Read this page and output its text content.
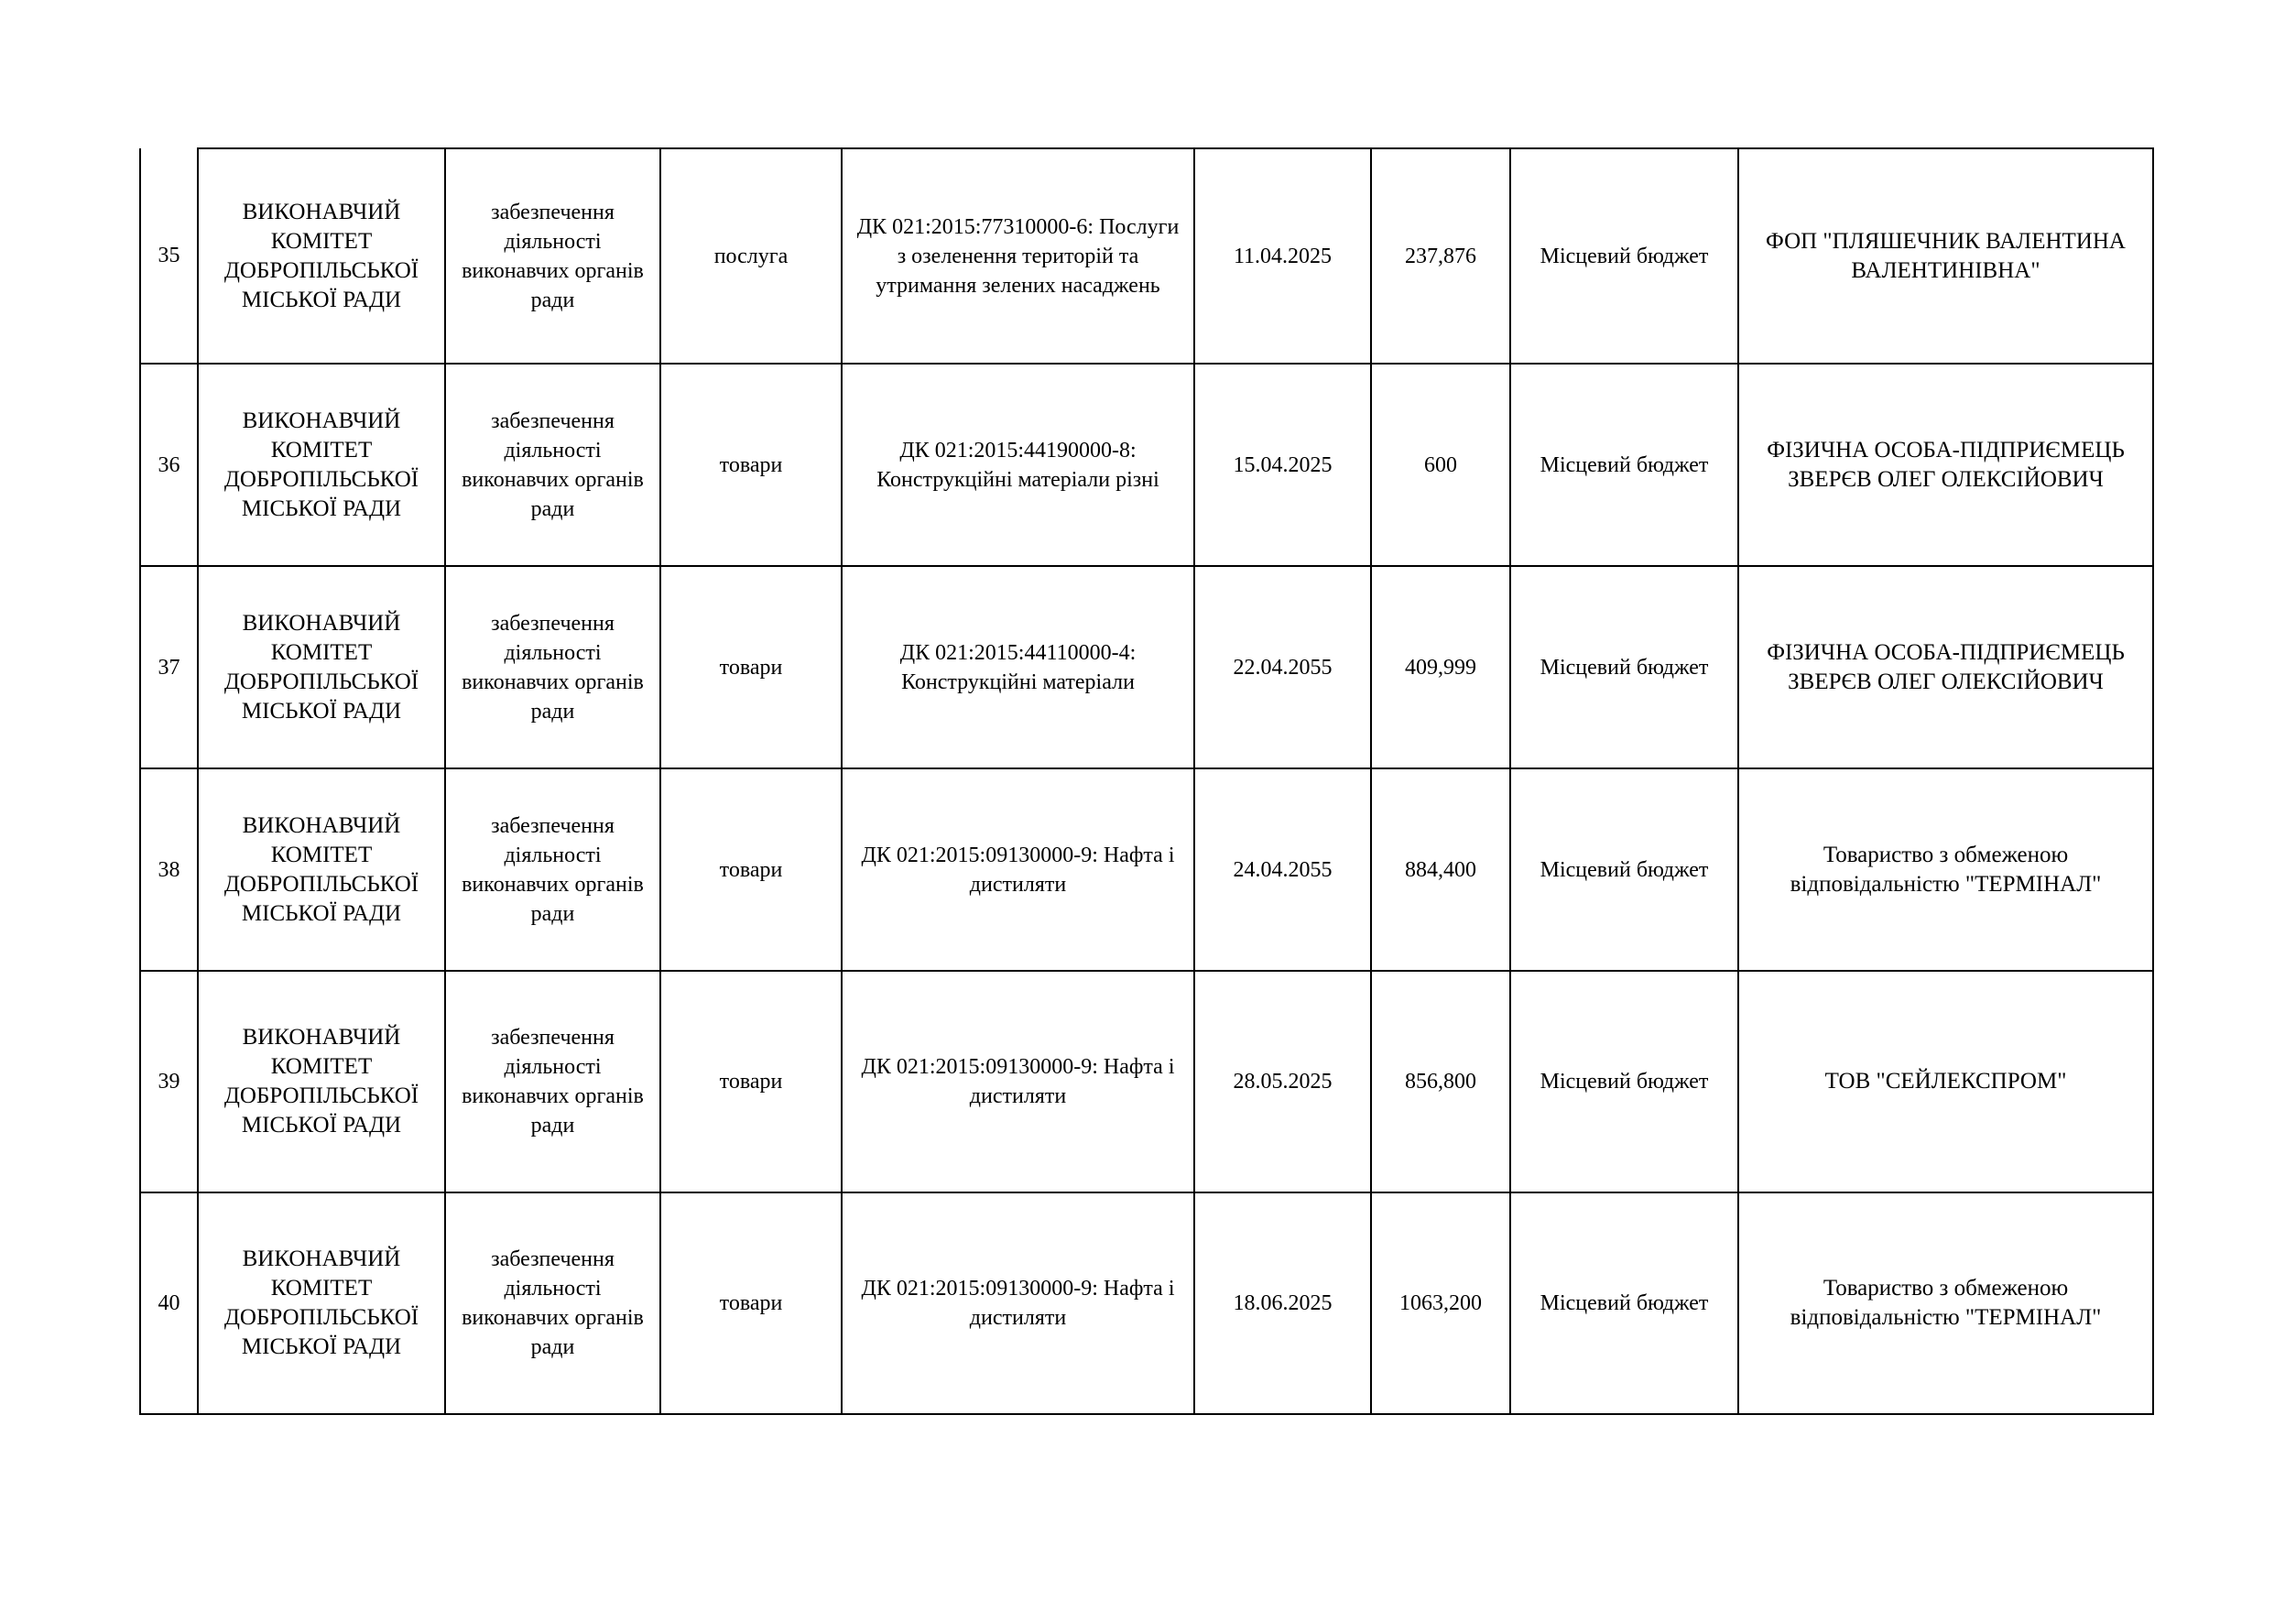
35	ВИКОНАВЧИЙ КОМІТЕТ ДОБРОПІЛЬСЬКОЇ МІСЬКОЇ РАДИ	забезпечення діяльності виконавчих органів ради	послуга	ДК 021:2015:77310000-6: Послуги з озеленення територій та утримання зелених насаджень	11.04.2025	237,876	Місцевий бюджет	ФОП "ПЛЯШЕЧНИК ВАЛЕНТИНА ВАЛЕНТИНІВНА"
36	ВИКОНАВЧИЙ КОМІТЕТ ДОБРОПІЛЬСЬКОЇ МІСЬКОЇ РАДИ	забезпечення діяльності виконавчих органів ради	товари	ДК 021:2015:44190000-8: Конструкційні матеріали різні	15.04.2025	600	Місцевий бюджет	ФІЗИЧНА ОСОБА-ПІДПРИЄМЕЦЬ ЗВЕРЄВ ОЛЕГ ОЛЕКСІЙОВИЧ
37	ВИКОНАВЧИЙ КОМІТЕТ ДОБРОПІЛЬСЬКОЇ МІСЬКОЇ РАДИ	забезпечення діяльності виконавчих органів ради	товари	ДК 021:2015:44110000-4: Конструкційні матеріали	22.04.2055	409,999	Місцевий бюджет	ФІЗИЧНА ОСОБА-ПІДПРИЄМЕЦЬ ЗВЕРЄВ ОЛЕГ ОЛЕКСІЙОВИЧ
38	ВИКОНАВЧИЙ КОМІТЕТ ДОБРОПІЛЬСЬКОЇ МІСЬКОЇ РАДИ	забезпечення діяльності виконавчих органів ради	товари	ДК 021:2015:09130000-9: Нафта і дистиляти	24.04.2055	884,400	Місцевий бюджет	Товариство з обмеженою відповідальністю "ТЕРМІНАЛ"
39	ВИКОНАВЧИЙ КОМІТЕТ ДОБРОПІЛЬСЬКОЇ МІСЬКОЇ РАДИ	забезпечення діяльності виконавчих органів ради	товари	ДК 021:2015:09130000-9: Нафта і дистиляти	28.05.2025	856,800	Місцевий бюджет	ТОВ "СЕЙЛЕКСПРОМ"
40	ВИКОНАВЧИЙ КОМІТЕТ ДОБРОПІЛЬСЬКОЇ МІСЬКОЇ РАДИ	забезпечення діяльності виконавчих органів ради	товари	ДК 021:2015:09130000-9: Нафта і дистиляти	18.06.2025	1063,200	Місцевий бюджет	Товариство з обмеженою відповідальністю "ТЕРМІНАЛ"
